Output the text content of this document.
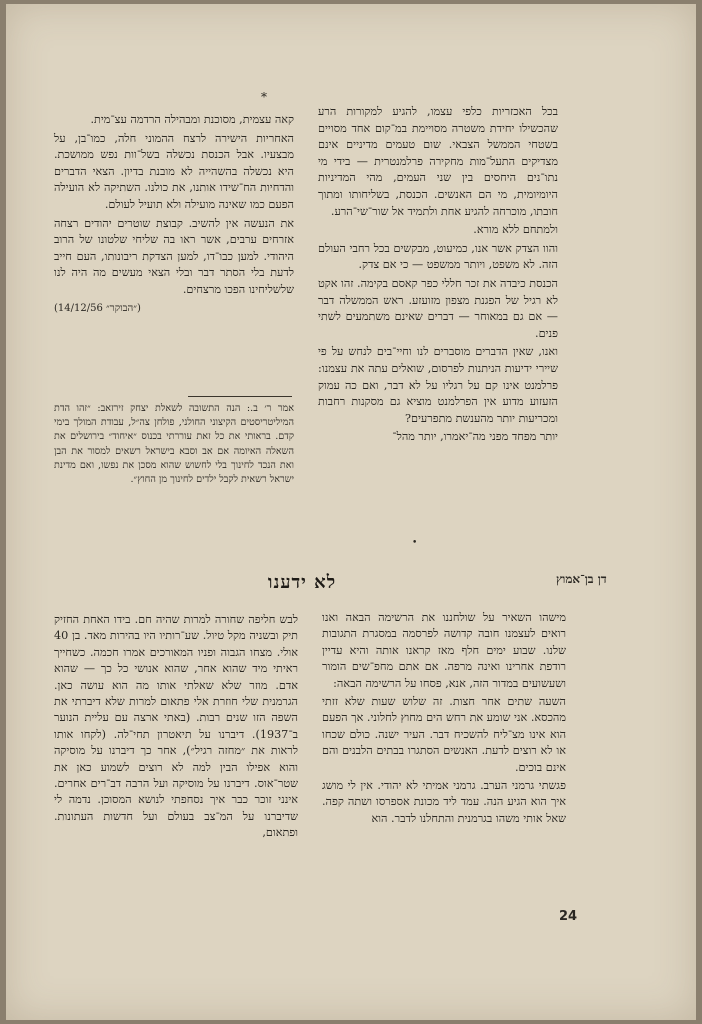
בכל האכזריות כלפי עצמו, להגיע למקורות הרע שהכשילו יחידת משטרה מסויימת במ־קום אחד מסויים בשטחי הממשל הצבאי. שום טעמים מדיניים אינם מצדיקים התעל־מות מחקירה פרלמנטרית — בידי מי נתו־נים היחסים בין שני העמים, מהי המדיניות היומיומית, מי הם האנשים. הכנסת, בשליחותו ומתוך חובתו, מוכרחה להגיע אחת ולתמיד אל שור־שי־הרע.

ולמתחם ללא מורא.

והוו הצדק אשר אנו, כמיעוט, מבקשים בכל רחבי העולם הזה. לא משפט, ויותר ממשפט — כי אם צדק.

הכנסת כיבדה את זכר חללי כפר קאסם בקימה. זהו אקט לא רגיל של הפגנת מצפון מזועזע. ראש הממשלה דבר — אם גם במאוחר — דברים שאינם משתמעים לשתי פנים.

ואנו, שאין הדברים מוסברים לנו וחיי־בים לנחש על פי שיירי ידיעות הניתנות לפרסום, שואלים עתה את עצמנו: פרלמנט אינו קם על רגליו על לא דבר, ואם כה עמוק הזעזוע מדוע אין הפרלמנט מוציא גם מסקנות רחבות ומכריעות יותר מהענשת מתפרעים?

יותר מפחד מפני מה־יאמרו, יותר מהל־

*

קאה עצמית, מסוכנת ומבהילה הרדמה עצ־מית.

האחריות הישירה לרצח ההמוני חלה, כמו־בן, על מבצעיו. אבל הכנסת נכשלה בשל־וות נפש ממושכת. היא נכשלה בהשהייה לא מובנת בדיון. הצאי הדברים והדחיות הח־שידו אותנו, את כולנו. השתיקה לא הועילה הפעם כמו שאינה מועילה ולא תועיל לעולם.

את הנעשה אין להשיב. קבוצת שוטרים יהודים רצחה אזרחים ערבים, אשר ראו בה שליחי שלטונו של הרוב היהודי. למען כבו־דו, למען הצדקת ריבונותו, העם חייב לדעת בלי הסתר דבר ובלי הצאי מעשים מה היה לנו שלשליחינו הפכו מרצחים.

(14/12/56 ״הבוקר״)

אמר ר׳ ב.: הנה התשובה לשאלת יצחק זירזאב: ״זהו הדת המיליטריסטים הקיצוני החולני, פולחן צה״ל, עבודת המולך בימי קדם. בראותי את כל זאת עוררתי בכנוס ״איחוד״ בירושלים את השאלה האיומה אם אב וסבא בישראל רשאים למסור את הבן ואת הנכד לחינוך בלי לחשוש שהוא מסכן את נפשו, ואם מדינת ישראל רשאית לקבל ילדים לחינוך מן החוץ״.

•
דן בן־אמוץ
לא ידענו

מישהו השאיר על שולחננו את הרשימה הבאה ואנו רואים לעצמנו חובה קדושה לפרסמה במסגרת התגובות שלנו. שבוע ימים חלף מאז קראנו אותה והיא עדיין רודפת אחרינו ואינה מרפה. אם אתם מחפ־שים הומור ושעשועים במדור הזה, אנא, פסחו על הרשימה הבאה:

השעה שתים אחר חצות. זה שלוש שעות שלא זזתי מהכסא. אני שומע את רחש הים מחוץ לחלוני. אך הפעם הוא אינו מצ־ליח להשכיח דבר. העיר ישנה. כולם שכחו או לא רוצים לדעת. האנשים הסתגרו בבתים הלבנים והם אינם בוכים.

פגשתי גרמני הערב. גרמני אמיתי לא יהודי. אין לי מושג איך הוא הגיע הנה. עמד ליד מכונת אספרסו ושתה קפה. שאל אותי משהו בגרמנית והתחלנו לדבר. הוא

לבש חליפה שחורה למרות שהיה חם. בידו האחת החזיק תיק ובשניה מקל טיול. שע־רותיו היו בהירות מאד. בן 40 אולי. מצחו הגבוה ופניו המאורכים אמרו חכמה. כשחייך ראיתי מיד שהוא אחר, שהוא אנושי כל כך — שהוא אדם. מוזר שלא שאלתי אותו מה הוא עושה כאן. הגרמנית שלי חוזרת אלי פתאום למרות שלא דיברתי את השפה הזו שנים רבות. (באתי ארצה עם עליית הנוער ב־1937). דיברנו על תיאטרון תחי־לה. (לקחו אותו לראות את ״מחזה רגיל״), אחר כך דיברנו על מוסיקה והוא אפילו הבין למה לא רוצים לשמוע כאן את שטר־אוס. דיברנו על מוסיקה ועל הרבה דב־רים אחרים. אינני זוכר כבר איך נסחפתי לנושא המסוכן. נדמה לי שדיברנו על המ־צב בעולם ועל חדשות העתונות. ופתאום,

24
